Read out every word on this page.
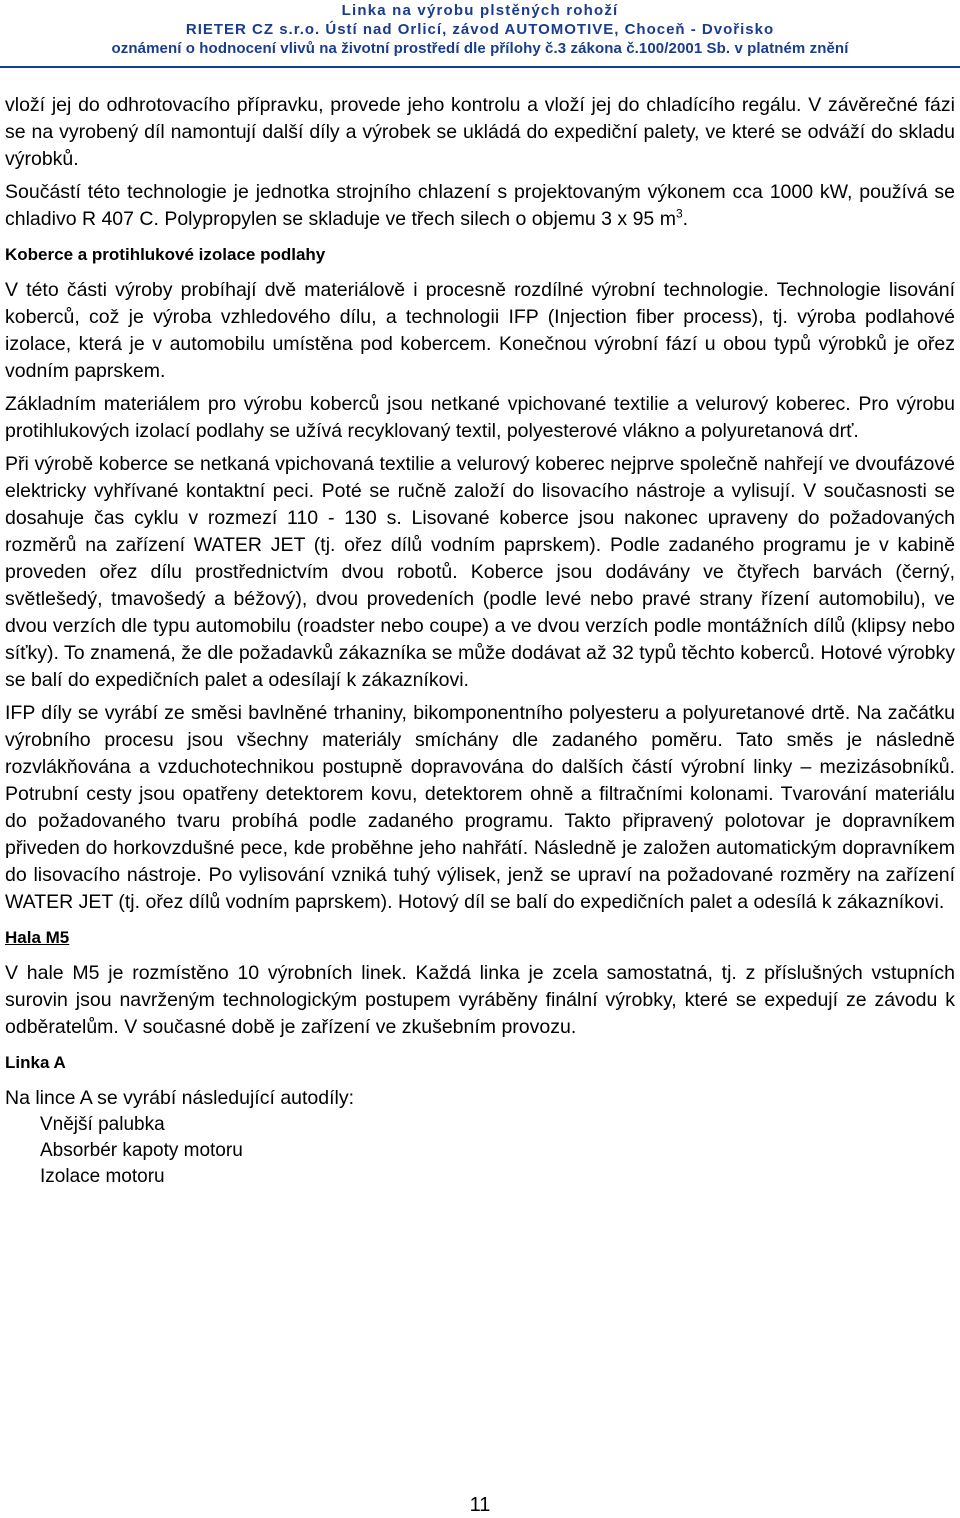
Linka na výrobu plstěných rohoží
RIETER CZ s.r.o. Ústí nad Orlicí, závod AUTOMOTIVE, Choceň - Dvořisko
oznámení o hodnocení vlivů na životní prostředí dle přílohy č.3 zákona č.100/2001 Sb. v platném znění

vloží jej do odhrotovacího přípravku, provede jeho kontrolu a vloží jej do chladícího regálu. V závěrečné fázi se na vyrobený díl namontují další díly a výrobek se ukládá do expediční palety, ve které se odváží do skladu výrobků.

Součástí této technologie je jednotka strojního chlazení s projektovaným výkonem cca 1000 kW, používá se chladivo R 407 C. Polypropylen se skladuje ve třech silech o objemu 3 x 95 $m^3$.

Koberce a protihlukové izolace podlahy

V této části výroby probíhají dvě materiálově i procesně rozdílné výrobní technologie. Technologie lisování koberců, což je výroba vzhledového dílu, a technologii IFP (Injection fiber process), tj. výroba podlahové izolace, která je v automobilu umístěna pod kobercem. Konečnou výrobní fází u obou typů výrobků je ořez vodním paprskem.

Základním materiálem pro výrobu koberců jsou netkané vpichované textilie a velurový koberec. Pro výrobu protihlukových izolací podlahy se užívá recyklovaný textil, polyesterové vlákno a polyuretanová drť.

Při výrobě koberce se netkaná vpichovaná textilie a velurový koberec nejprve společně nahřejí ve dvoufázové elektricky vyhřívané kontaktní peci. Poté se ručně založí do lisovacího nástroje a vylisují. V současnosti se dosahuje čas cyklu v rozmezí 110 - 130 s. Lisované koberce jsou nakonec upraveny do požadovaných rozměrů na zařízení WATER JET (tj. ořez dílů vodním paprskem). Podle zadaného programu je v kabině proveden ořez dílu prostřednictvím dvou robotů. Koberce jsou dodávány ve čtyřech barvách (černý, světlešedý, tmavošedý a béžový), dvou provedeních (podle levé nebo pravé strany řízení automobilu), ve dvou verzích dle typu automobilu (roadster nebo coupe) a ve dvou verzích podle montážních dílů (klipsy nebo síťky). To znamená, že dle požadavků zákazníka se může dodávat až 32 typů těchto koberců. Hotové výrobky se balí do expedičních palet a odesílají k zákazníkovi.

IFP díly se vyrábí ze směsi bavlněné trhaniny, bikomponentního polyesteru a polyuretanové drtě. Na začátku výrobního procesu jsou všechny materiály smíchány dle zadaného poměru. Tato směs je následně rozvlákňována a vzduchotechnikou postupně dopravována do dalších částí výrobní linky – mezizásobníků. Potrubní cesty jsou opatřeny detektorem kovu, detektorem ohně a filtračními kolonami. Tvarování materiálu do požadovaného tvaru probíhá podle zadaného programu. Takto připravený polotovar je dopravníkem přiveden do horkovzdušné pece, kde proběhne jeho nahřátí. Následně je založen automatickým dopravníkem do lisovacího nástroje. Po vylisování vzniká tuhý výlisek, jenž se upraví na požadované rozměry na zařízení WATER JET (tj. ořez dílů vodním paprskem). Hotový díl se balí do expedičních palet a odesílá k zákazníkovi.

Hala M5

V hale M5 je rozmístěno 10 výrobních linek. Každá linka je zcela samostatná, tj. z příslušných vstupních surovin jsou navrženým technologickým postupem vyráběny finální výrobky, které se expedují ze závodu k odběratelům. V současné době je zařízení ve zkušebním provozu.

Linka A

Na lince A se vyrábí následující autodíly:

Vnější palubka
Absorbér kapoty motoru
Izolace motoru
11
